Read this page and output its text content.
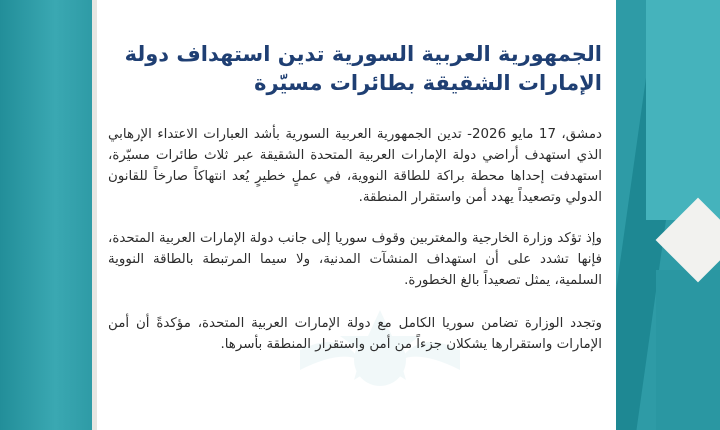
الجمهورية العربية السورية تدين استهداف دولة الإمارات الشقيقة بطائرات مسيّرة

دمشق، 17 مايو 2026- تدين الجمهورية العربية السورية بأشد العبارات الاعتداء الإرهابي الذي استهدف أراضي دولة الإمارات العربية المتحدة الشقيقة عبر ثلاث طائرات مسيّرة، استهدفت إحداها محطة براكة للطاقة النووية، في عملٍ خطيرٍ يُعد انتهاكاً صارخاً للقانون الدولي وتصعيداً يهدد أمن واستقرار المنطقة.

وإذ تؤكد وزارة الخارجية والمغتربين وقوف سوريا إلى جانب دولة الإمارات العربية المتحدة، فإنها تشدد على أن استهداف المنشآت المدنية، ولا سيما المرتبطة بالطاقة النووية السلمية، يمثل تصعيداً بالغ الخطورة.

وتجدد الوزارة تضامن سوريا الكامل مع دولة الإمارات العربية المتحدة، مؤكدةً أن أمن الإمارات واستقرارها يشكلان جزءاً من أمن واستقرار المنطقة بأسرها.
